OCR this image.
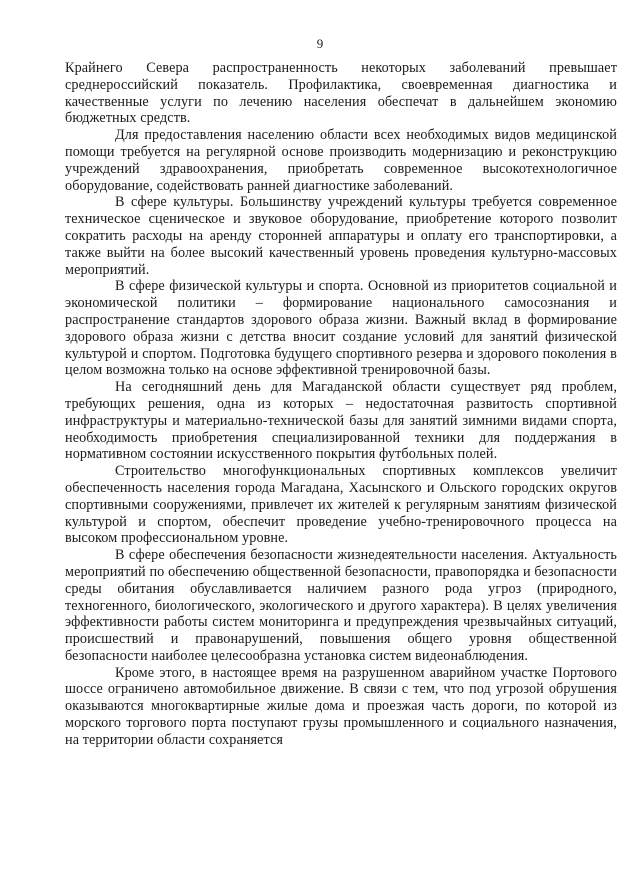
9

Крайнего Севера распространенность некоторых заболеваний превышает среднероссийский показатель. Профилактика, своевременная диагностика и качественные услуги по лечению населения обеспечат в дальнейшем экономию бюджетных средств.

Для предоставления населению области всех необходимых видов медицинской помощи требуется на регулярной основе производить модернизацию и реконструкцию учреждений здравоохранения, приобретать современное высокотехнологичное оборудование, содействовать ранней диагностике заболеваний.

В сфере культуры. Большинству учреждений культуры требуется современное техническое сценическое и звуковое оборудование, приобретение которого позволит сократить расходы на аренду сторонней аппаратуры и оплату его транспортировки, а также выйти на более высокий качественный уровень проведения культурно-массовых мероприятий.

В сфере физической культуры и спорта. Основной из приоритетов социальной и экономической политики – формирование национального самосознания и распространение стандартов здорового образа жизни. Важный вклад в формирование здорового образа жизни с детства вносит создание условий для занятий физической культурой и спортом. Подготовка будущего спортивного резерва и здорового поколения в целом возможна только на основе эффективной тренировочной базы.

На сегодняшний день для Магаданской области существует ряд проблем, требующих решения, одна из которых – недостаточная развитость спортивной инфраструктуры и материально-технической базы для занятий зимними видами спорта, необходимость приобретения специализированной техники для поддержания в нормативном состоянии искусственного покрытия футбольных полей.

Строительство многофункциональных спортивных комплексов увеличит обеспеченность населения города Магадана, Хасынского и Ольского городских округов спортивными сооружениями, привлечет их жителей к регулярным занятиям физической культурой и спортом, обеспечит проведение учебно-тренировочного процесса на высоком профессиональном уровне.

В сфере обеспечения безопасности жизнедеятельности населения. Актуальность мероприятий по обеспечению общественной безопасности, правопорядка и безопасности среды обитания обуславливается наличием разного рода угроз (природного, техногенного, биологического, экологического и другого характера). В целях увеличения эффективности работы систем мониторинга и предупреждения чрезвычайных ситуаций, происшествий и правонарушений, повышения общего уровня общественной безопасности наиболее целесообразна установка систем видеонаблюдения.

Кроме этого, в настоящее время на разрушенном аварийном участке Портового шоссе ограничено автомобильное движение. В связи с тем, что под угрозой обрушения оказываются многоквартирные жилые дома и проезжая часть дороги, по которой из морского торгового порта поступают грузы промышленного и социального назначения, на территории области сохраняется
